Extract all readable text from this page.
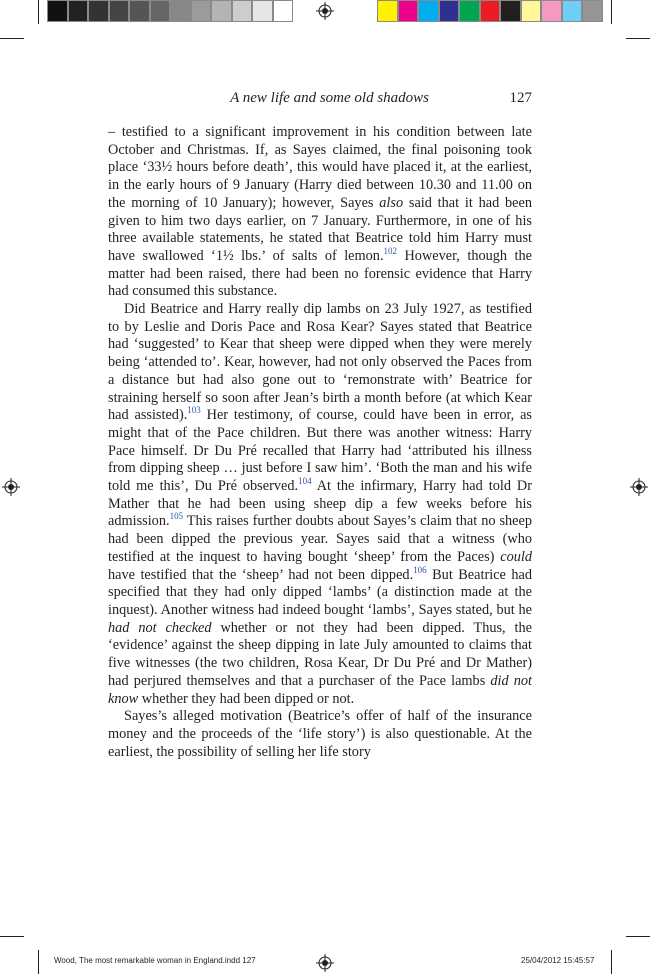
A new life and some old shadows	127

– testified to a significant improvement in his condition between late October and Christmas. If, as Sayes claimed, the final poisoning took place ‘33½ hours before death’, this would have placed it, at the earliest, in the early hours of 9 January (Harry died between 10.30 and 11.00 on the morning of 10 January); however, Sayes also said that it had been given to him two days earlier, on 7 January. Furthermore, in one of his three available statements, he stated that Beatrice told him Harry must have swallowed ‘1½ lbs.’ of salts of lemon.$^{102}$ However, though the matter had been raised, there had been no forensic evidence that Harry had consumed this substance.

Did Beatrice and Harry really dip lambs on 23 July 1927, as testified to by Leslie and Doris Pace and Rosa Kear? Sayes stated that Beatrice had ‘suggested’ to Kear that sheep were dipped when they were merely being ‘attended to’. Kear, however, had not only observed the Paces from a distance but had also gone out to ‘remonstrate with’ Beatrice for straining herself so soon after Jean’s birth a month before (at which Kear had assisted).$^{103}$ Her testimony, of course, could have been in error, as might that of the Pace children. But there was another witness: Harry Pace himself. Dr Du Pré recalled that Harry had ‘attributed his illness from dipping sheep … just before I saw him’. ‘Both the man and his wife told me this’, Du Pré observed.$^{104}$ At the infirmary, Harry had told Dr Mather that he had been using sheep dip a few weeks before his admission.$^{105}$ This raises further doubts about Sayes’s claim that no sheep had been dipped the previous year. Sayes said that a witness (who testified at the inquest to having bought ‘sheep’ from the Paces) could have testified that the ‘sheep’ had not been dipped.$^{106}$ But Beatrice had specified that they had only dipped ‘lambs’ (a distinction made at the inquest). Another witness had indeed bought ‘lambs’, Sayes stated, but he had not checked whether or not they had been dipped. Thus, the ‘evidence’ against the sheep dipping in late July amounted to claims that five witnesses (the two children, Rosa Kear, Dr Du Pré and Dr Mather) had perjured themselves and that a purchaser of the Pace lambs did not know whether they had been dipped or not.

Sayes’s alleged motivation (Beatrice’s offer of half of the insurance money and the proceeds of the ‘life story’) is also questionable. At the earliest, the possibility of selling her life story

Wood, The most remarkable woman in England.indd 127	25/04/2012 15:45:57
